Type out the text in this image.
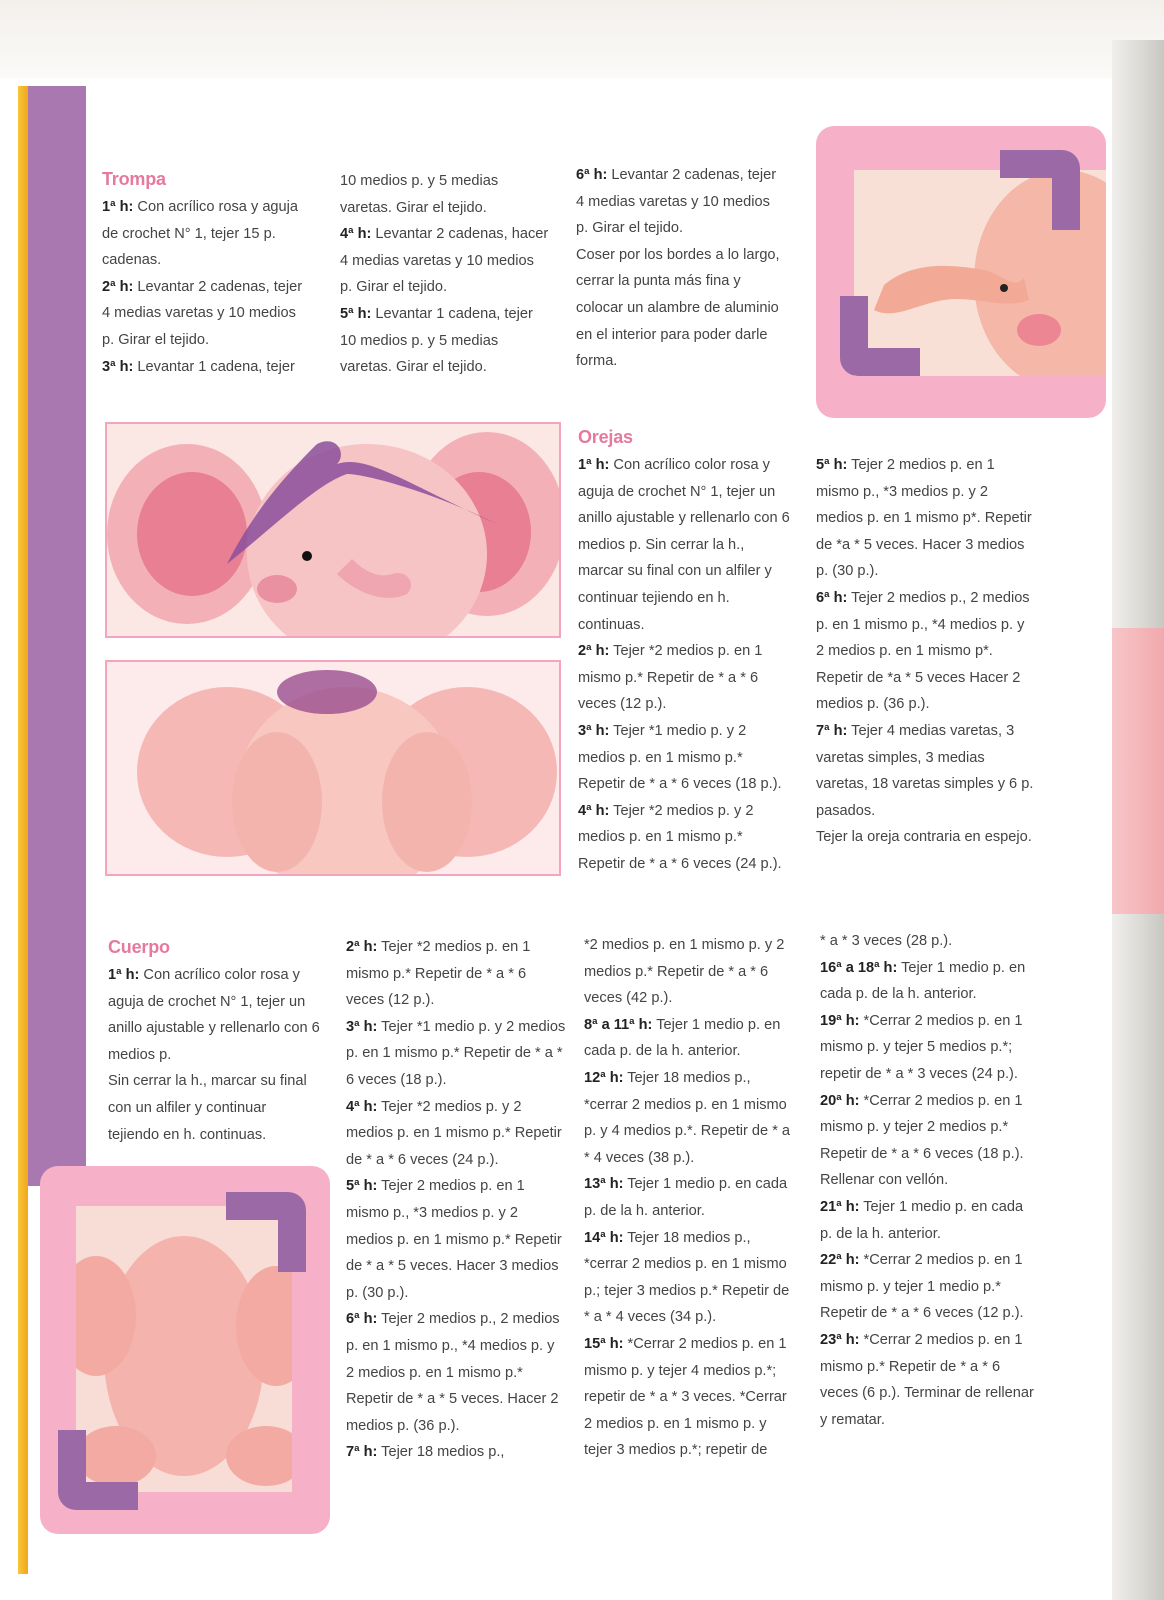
Trompa

1ª h: Con acrílico rosa y aguja de crochet N° 1, tejer 15 p. cadenas.

2ª h: Levantar 2 cadenas, tejer 4 medias varetas y 10 medios p. Girar el tejido.

3ª h: Levantar 1 cadena, tejer

10 medios p. y 5 medias varetas. Girar el tejido.

4ª h: Levantar 2 cadenas, hacer 4 medias varetas y 10 medios p. Girar el tejido.

5ª h: Levantar 1 cadena, tejer 10 medios p. y 5 medias varetas. Girar el tejido.

6ª h: Levantar 2 cadenas, tejer 4 medias varetas y 10 medios p. Girar el tejido.

Coser por los bordes a lo largo, cerrar la punta más fina y colocar un alambre de aluminio en el interior para poder darle forma.

Orejas

1ª h: Con acrílico color rosa y aguja de crochet N° 1, tejer un anillo ajustable y rellenarlo con 6 medios p. Sin cerrar la h., marcar su final con un alfiler y continuar tejiendo en h. continuas.

2ª h: Tejer *2 medios p. en 1 mismo p.* Repetir de * a * 6 veces (12 p.).

3ª h: Tejer *1 medio p. y 2 medios p. en 1 mismo p.* Repetir de * a * 6 veces (18 p.).

4ª h: Tejer *2 medios p. y 2 medios p. en 1 mismo p.* Repetir de * a * 6 veces (24 p.).

5ª h: Tejer 2 medios p. en 1 mismo p., *3 medios p. y 2 medios p. en 1 mismo p*. Repetir de *a * 5 veces. Hacer 3 medios p. (30 p.).

6ª h: Tejer 2 medios p., 2 medios p. en 1 mismo p., *4 medios p. y 2 medios p. en 1 mismo p*. Repetir de *a * 5 veces Hacer 2 medios p. (36 p.).

7ª h: Tejer 4 medias varetas, 3 varetas simples, 3 medias varetas, 18 varetas simples y 6 p. pasados.

Tejer la oreja contraria en espejo.

Cuerpo

1ª h: Con acrílico color rosa y aguja de crochet N° 1, tejer un anillo ajustable y rellenarlo con 6 medios p.

Sin cerrar la h., marcar su final con un alfiler y continuar tejiendo en h. continuas.

2ª h: Tejer *2 medios p. en 1 mismo p.* Repetir de * a * 6 veces (12 p.).

3ª h: Tejer *1 medio p. y 2 medios p. en 1 mismo p.* Repetir de * a * 6 veces (18 p.).

4ª h: Tejer *2 medios p. y 2 medios p. en 1 mismo p.* Repetir de * a * 6 veces (24 p.).

5ª h: Tejer 2 medios p. en 1 mismo p., *3 medios p. y 2 medios p. en 1 mismo p.* Repetir de * a * 5 veces. Hacer 3 medios p. (30 p.).

6ª h: Tejer 2 medios p., 2 medios p. en 1 mismo p., *4 medios p. y 2 medios p. en 1 mismo p.* Repetir de * a * 5 veces. Hacer 2 medios p. (36 p.).

7ª h: Tejer 18 medios p.,

*2 medios p. en 1 mismo p. y 2 medios p.* Repetir de * a * 6 veces (42 p.).

8ª a 11ª h: Tejer 1 medio p. en cada p. de la h. anterior.

12ª h: Tejer 18 medios p., *cerrar 2 medios p. en 1 mismo p. y 4 medios p.*. Repetir de * a * 4 veces (38 p.).

13ª h: Tejer 1 medio p. en cada p. de la h. anterior.

14ª h: Tejer 18 medios p., *cerrar 2 medios p. en 1 mismo p.; tejer 3 medios p.* Repetir de * a * 4 veces (34 p.).

15ª h: *Cerrar 2 medios p. en 1 mismo p. y tejer 4 medios p.*; repetir de * a * 3 veces. *Cerrar 2 medios p. en 1 mismo p. y tejer 3 medios p.*; repetir de

* a * 3 veces (28 p.).

16ª a 18ª h: Tejer 1 medio p. en cada p. de la h. anterior.

19ª h: *Cerrar 2 medios p. en 1 mismo p. y tejer 5 medios p.*; repetir de * a * 3 veces (24 p.).

20ª h: *Cerrar 2 medios p. en 1 mismo p. y tejer 2 medios p.* Repetir de * a * 6 veces (18 p.). Rellenar con vellón.

21ª h: Tejer 1 medio p. en cada p. de la h. anterior.

22ª h: *Cerrar 2 medios p. en 1 mismo p. y tejer 1 medio p.* Repetir de * a * 6 veces (12 p.).

23ª h: *Cerrar 2 medios p. en 1 mismo p.* Repetir de * a * 6 veces (6 p.). Terminar de rellenar y rematar.
